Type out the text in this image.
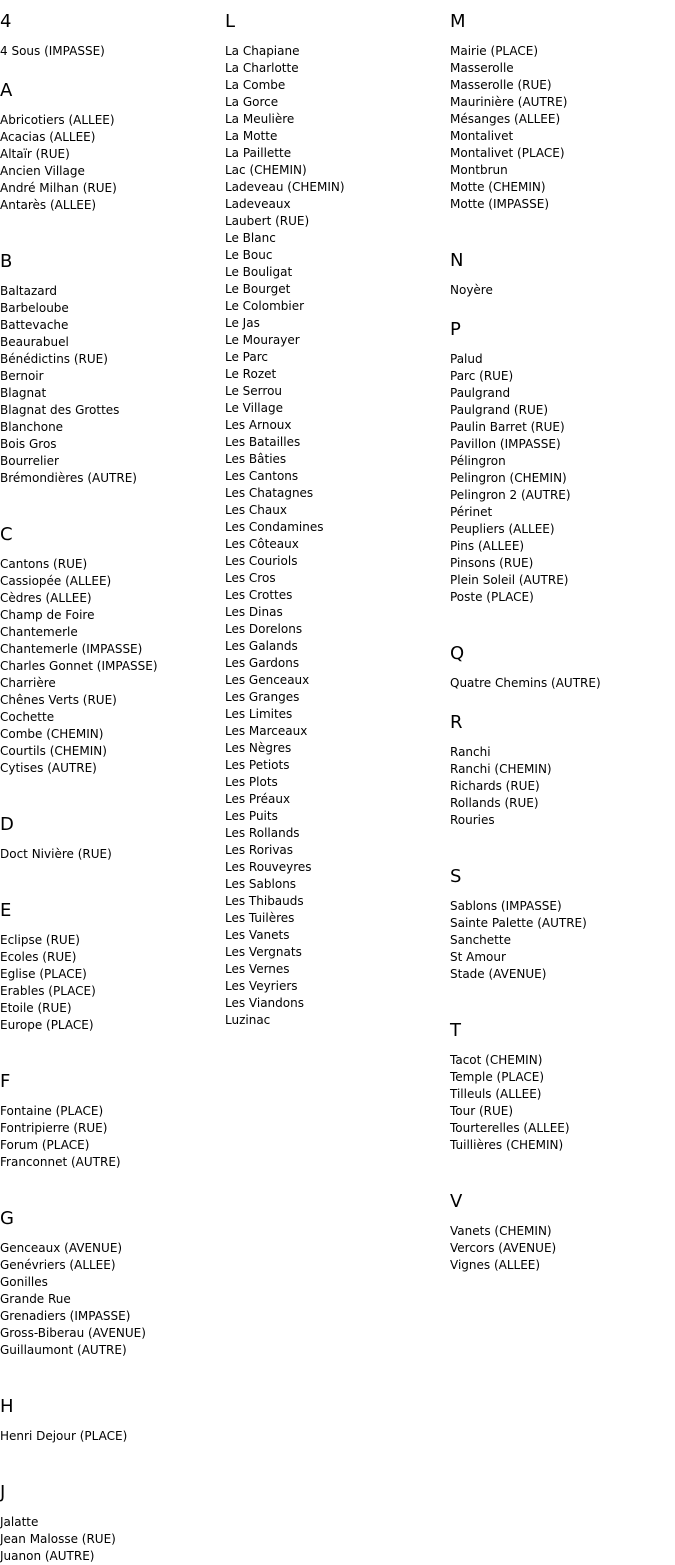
4
4 Sous (IMPASSE)
A
Abricotiers (ALLEE)
Acacias (ALLEE)
Altaïr (RUE)
Ancien Village
André Milhan (RUE)
Antarès (ALLEE)
B
Baltazard
Barbeloube
Battevache
Beaurabuel
Bénédictins (RUE)
Bernoir
Blagnat
Blagnat des Grottes
Blanchone
Bois Gros
Bourrelier
Brémondières (AUTRE)
C
Cantons (RUE)
Cassiopée (ALLEE)
Cèdres (ALLEE)
Champ de Foire
Chantemerle
Chantemerle (IMPASSE)
Charles Gonnet (IMPASSE)
Charrière
Chênes Verts (RUE)
Cochette
Combe (CHEMIN)
Courtils (CHEMIN)
Cytises (AUTRE)
D
Doct Nivière (RUE)
E
Eclipse (RUE)
Ecoles (RUE)
Eglise (PLACE)
Erables (PLACE)
Etoile (RUE)
Europe (PLACE)
F
Fontaine (PLACE)
Fontripierre (RUE)
Forum (PLACE)
Franconnet (AUTRE)
G
Genceaux (AVENUE)
Genévriers (ALLEE)
Gonilles
Grande Rue
Grenadiers (IMPASSE)
Gross-Biberau (AVENUE)
Guillaumont (AUTRE)
H
Henri Dejour (PLACE)
J
Jalatte
Jean Malosse (RUE)
Juanon (AUTRE)
L
La Chapiane
La Charlotte
La Combe
La Gorce
La Meulière
La Motte
La Paillette
Lac (CHEMIN)
Ladeveau (CHEMIN)
Ladeveaux
Laubert (RUE)
Le Blanc
Le Bouc
Le Bouligat
Le Bourget
Le Colombier
Le Jas
Le Mourayer
Le Parc
Le Rozet
Le Serrou
Le Village
Les Arnoux
Les Batailles
Les Bâties
Les Cantons
Les Chatagnes
Les Chaux
Les Condamines
Les Côteaux
Les Couriols
Les Cros
Les Crottes
Les Dinas
Les Dorelons
Les Galands
Les Gardons
Les Genceaux
Les Granges
Les Limites
Les Marceaux
Les Nègres
Les Petiots
Les Plots
Les Préaux
Les Puits
Les Rollands
Les Rorivas
Les Rouveyres
Les Sablons
Les Thibauds
Les Tuilères
Les Vanets
Les Vergnats
Les Vernes
Les Veyriers
Les Viandons
Luzinac
M
Mairie (PLACE)
Masserolle
Masserolle (RUE)
Maurinière (AUTRE)
Mésanges (ALLEE)
Montalivet
Montalivet (PLACE)
Montbrun
Motte (CHEMIN)
Motte (IMPASSE)
N
Noyère
P
Palud
Parc (RUE)
Paulgrand
Paulgrand (RUE)
Paulin Barret (RUE)
Pavillon (IMPASSE)
Pélingron
Pelingron (CHEMIN)
Pelingron 2 (AUTRE)
Périnet
Peupliers (ALLEE)
Pins (ALLEE)
Pinsons (RUE)
Plein Soleil (AUTRE)
Poste (PLACE)
Q
Quatre Chemins (AUTRE)
R
Ranchi
Ranchi (CHEMIN)
Richards (RUE)
Rollands (RUE)
Rouries
S
Sablons (IMPASSE)
Sainte Palette (AUTRE)
Sanchette
St Amour
Stade (AVENUE)
T
Tacot (CHEMIN)
Temple (PLACE)
Tilleuls (ALLEE)
Tour (RUE)
Tourterelles (ALLEE)
Tuillières (CHEMIN)
V
Vanets (CHEMIN)
Vercors (AVENUE)
Vignes (ALLEE)
